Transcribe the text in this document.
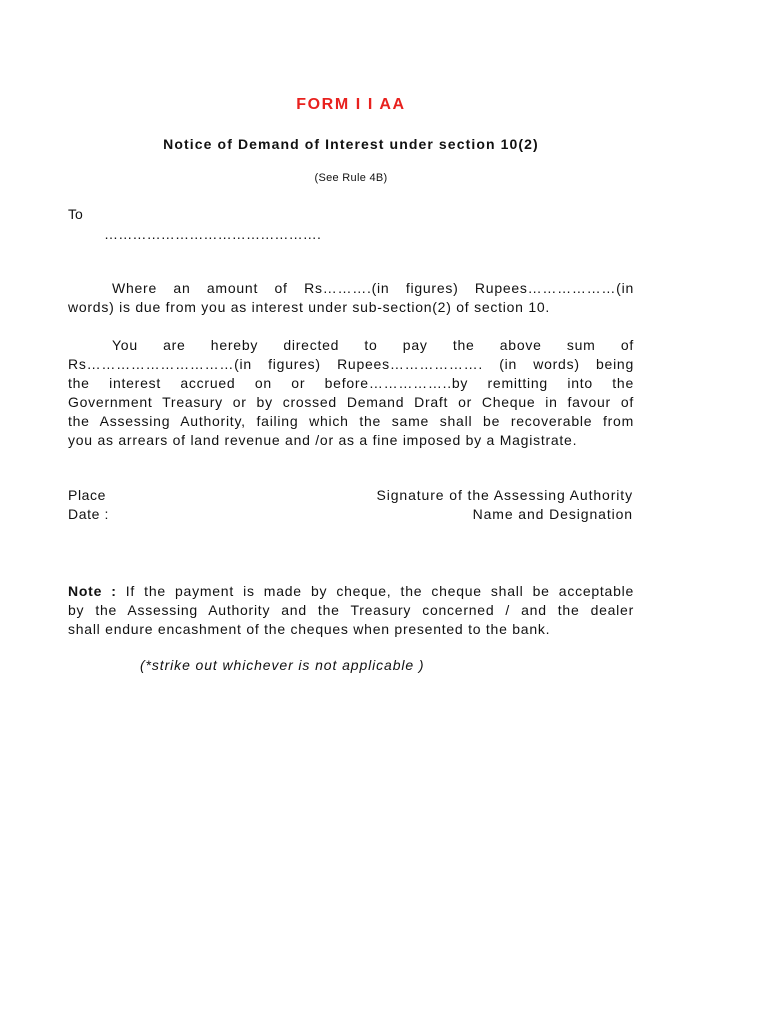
FORM I I AA
Notice of Demand of Interest under section 10(2)
(See Rule 4B)
To
……………………………………….
Where an amount of Rs……….(in figures) Rupees………………(in
words) is due from you as interest under sub-section(2) of section 10.
You are hereby directed to pay the above sum of
Rs…………………………(in figures) Rupees………………. (in words) being
the interest accrued on or before……………..by remitting into the
Government Treasury or by crossed Demand Draft or Cheque in favour of
the Assessing Authority, failing which the same shall be recoverable from
you as arrears of land revenue and /or as a fine imposed by a Magistrate.
Place
Date :
Signature of the Assessing Authority
Name and Designation
Note : If the payment is made by cheque, the cheque shall be acceptable
by the Assessing Authority and the Treasury concerned / and the dealer
shall endure encashment of the cheques when presented to the bank.
(*strike out whichever is not applicable )
